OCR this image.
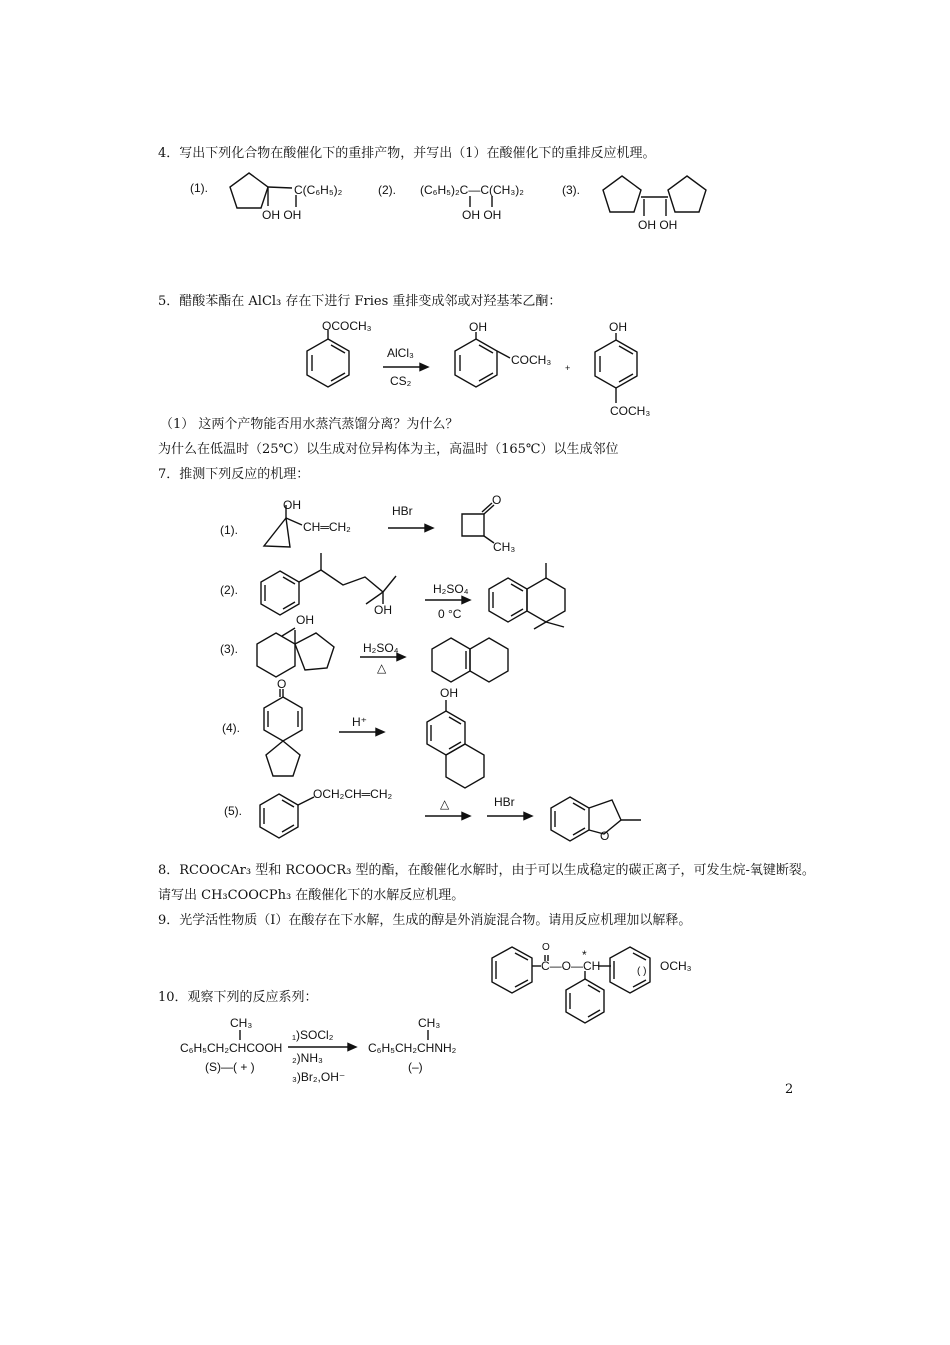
4．写出下列化合物在酸催化下的重排产物，并写出（1）在酸催化下的重排反应机理。
(1).	(2).	(3).
C(C₆H₅)₂
OH OH
(C₆H₅)₂C—C(CH₃)₂
OH OH
OH OH
5．醋酸苯酯在 AlCl₃ 存在下进行 Fries 重排变成邻或对羟基苯乙酮：
OCOCH₃
AlCl₃
CS₂
OH
COCH₃
+
OH
COCH₃
（1） 这两个产物能否用水蒸汽蒸馏分离？为什么？
为什么在低温时（25℃）以生成对位异构体为主，高温时（165℃）以生成邻位
7．推测下列反应的机理：
(1).
(2).
(3).
(4).
(5).
OH
CH═CH₂
HBr
O
CH₃
OH
H₂SO₄
0 °C
OH
H₂SO₄
△
O
H⁺
OH
OCH₂CH═CH₂
△	HBr
O
8．RCOOCAr₃ 型和 RCOOCR₃ 型的酯，在酸催化水解时，由于可以生成稳定的碳正离子，可发生烷-氧键断裂。
请写出 CH₃COOCPh₃ 在酸催化下的水解反应机理。
9．光学活性物质（Ⅰ）在酸存在下水解，生成的醇是外消旋混合物。请用反应机理加以解释。
O
C—O—CH
*
OCH₃
( )
10．观察下列的反应系列：
CH₃
C₆H₅CH₂CHCOOH
(S)—( + )
₁)SOCl₂
₂)NH₃
₃)Br₂,OH⁻
CH₃
C₆H₅CH₂CHNH₂
(–)
2
